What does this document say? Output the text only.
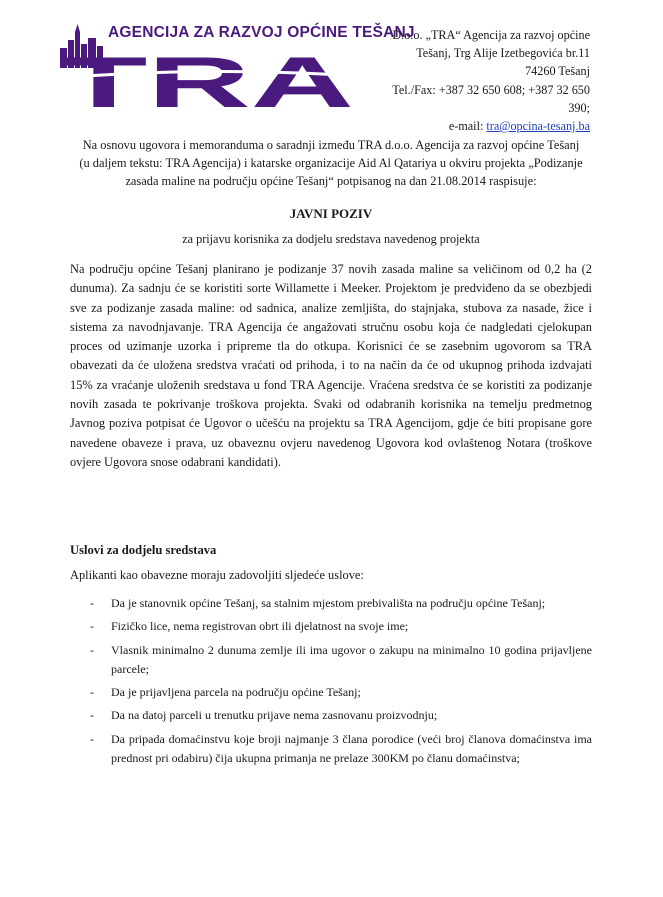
TRA

AGENCIJA ZA RAZVOJ OPĆINE TEŠANJ

D.o.o. „TRA“ Agencija za razvoj općine
Tešanj, Trg Alije Izetbegovića br.11
74260 Tešanj
Tel./Fax: +387 32 650 608; +387 32 650
390;
e-mail: tra@opcina-tesanj.ba

Na osnovu ugovora i memoranduma o saradnji između TRA d.o.o. Agencija za razvoj općine Tešanj

(u daljem tekstu: TRA Agencija) i katarske organizacije Aid Al Qatariya u okviru projekta „Podizanje

zasada maline na području općine Tešanj“ potpisanog na dan 21.08.2014 raspisuje:

JAVNI POZIV
za prijavu korisnika za dodjelu sredstava navedenog projekta
Na području općine Tešanj planirano je podizanje 37 novih zasada maline sa veličinom od 0,2 ha (2 dunuma). Za sadnju će se koristiti sorte Willamette i Meeker. Projektom je predviđeno da se obezbjedi sve za podizanje zasada maline: od sadnica, analize zemljišta, do stajnjaka, stubova za nasade, žice i sistema za navodnjavanje. TRA Agencija će angažovati stručnu osobu koja će nadgledati cjelokupan proces od uzimanje uzorka i pripreme tla do otkupa. Korisnici će se zasebnim ugovorom sa TRA obavezati da će uložena sredstva vraćati od prihoda, i to na način da će od ukupnog prihoda izdvajati 15% za vraćanje uloženih sredstava u fond TRA Agencije. Vraćena sredstva će se koristiti za podizanje novih zasada te pokrivanje troškova projekta. Svaki od odabranih korisnika na temelju predmetnog Javnog poziva potpisat će Ugovor o učešću na projektu sa TRA Agencijom, gdje će biti propisane gore navedene obaveze i prava, uz obaveznu ovjeru navedenog Ugovora kod ovlaštenog Notara (troškove ovjere Ugovora snose odabrani kandidati).
Uslovi za dodjelu sredstava
Aplikanti kao obavezne moraju zadovoljiti sljedeće uslove:
- Da je stanovnik općine Tešanj, sa stalnim mjestom prebivališta na području općine Tešanj;
- Fizičko lice, nema registrovan obrt ili djelatnost na svoje ime;
- Vlasnik minimalno 2 dunuma zemlje ili ima ugovor o zakupu na minimalno 10 godina prijavljene parcele;
- Da je prijavljena parcela na području općine Tešanj;
- Da na datoj parceli u trenutku prijave nema zasnovanu proizvodnju;
- Da pripada domaćinstvu koje broji najmanje 3 člana porodice (veći broj članova domaćinstva ima prednost pri odabiru) čija ukupna primanja ne prelaze 300KM po članu domaćinstva;
